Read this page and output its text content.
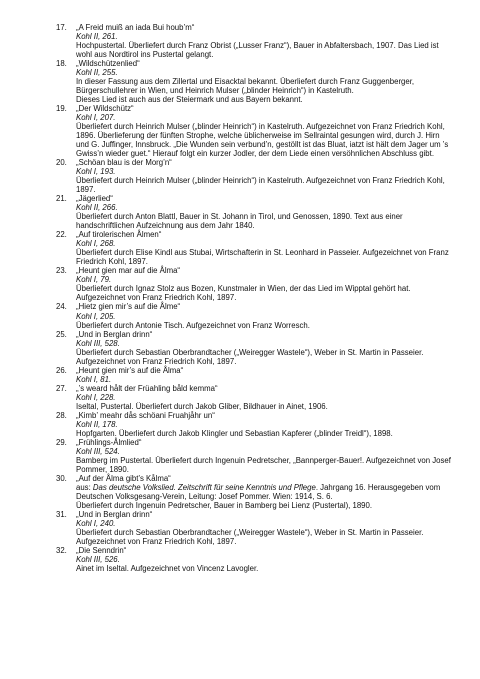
17.	„A Freid muiß an iada Bui houb’m“
Kohl II, 261.
Hochpustertal. Überliefert durch Franz Obrist („Lusser Franz“), Bauer in Abfaltersbach, 1907. Das Lied ist wohl aus Nordtirol ins Pustertal gelangt.
18.	„Wildschützenlied“
Kohl II, 255.
In dieser Fassung aus dem Zillertal und Eisacktal bekannt. Überliefert durch Franz Guggenberger, Bürgerschullehrer in Wien, und Heinrich Mulser („blinder Heinrich“) in Kastelruth.
Dieses Lied ist auch aus der Steiermark und aus Bayern bekannt.
19.	„Der Wildschütz“
Kohl I, 207.
Überliefert durch Heinrich Mulser („blinder Heinrich“) in Kastelruth. Aufgezeichnet von Franz Friedrich Kohl, 1896. Überlieferung der fünften Strophe, welche üblicherweise im Sellraintal gesungen wird, durch J. Hirn und G. Juffinger, Innsbruck. „Die Wunden sein verbund’n, gestöllt ist das Bluat, iatzt ist hält dem Jager um ’s Gwiss’n wieder guet.“ Hierauf folgt ein kurzer Jodler, der dem Liede einen versöhnlichen Abschluss gibt.
20.	„Schöan blau is der Morg’n“
Kohl I, 193.
Überliefert durch Heinrich Mulser („blinder Heinrich“) in Kastelruth. Aufgezeichnet von Franz Friedrich Kohl, 1897.
21.	„Jägerlied“
Kohl II, 266.
Überliefert durch Anton Blattl, Bauer in St. Johann in Tirol, und Genossen, 1890. Text aus einer handschriftlichen Aufzeichnung aus dem Jahr 1840.
22.	„Auf tirolerischen Ålmen“
Kohl I, 268.
Überliefert durch Elise Kindl aus Stubai, Wirtschafterin in St. Leonhard in Passeier. Aufgezeichnet von Franz Friedrich Kohl, 1897.
23.	„Heunt gien mar auf die Ålma“
Kohl I, 79.
Überliefert durch Ignaz Stolz aus Bozen, Kunstmaler in Wien, der das Lied im Wipptal gehört hat. Aufgezeichnet von Franz Friedrich Kohl, 1897.
24.	„Hietz gien mir’s auf die Ålme“
Kohl I, 205.
Überliefert durch Antonie Tisch. Aufgezeichnet von Franz Worresch.
25.	„Und in Berglan drinn“
Kohl III, 528.
Überliefert durch Sebastian Oberbrandtacher („Weiregger Wastele“), Weber in St. Martin in Passeier. Aufgezeichnet von Franz Friedrich Kohl, 1897.
26.	„Heunt gien mir’s auf die Ålma“
Kohl I, 81.
27.	„’s weard hålt der Früahling båld kemma“
Kohl I, 228.
Iseltal, Pustertal. Überliefert durch Jakob Gliber, Bildhauer in Ainet, 1906.
28.	„Kimb’ meahr dås schöani Fruahjåhr un“
Kohl II, 178.
Hopfgarten. Überliefert durch Jakob Klingler und Sebastian Kapferer („blinder Treidl“), 1898.
29.	„Frühlings-Ålmlied“
Kohl III, 524.
Bamberg im Pustertal. Überliefert durch Ingenuin Pedretscher, „Bannperger-Bauer!. Aufgezeichnet von Josef Pommer, 1890.
30.	„Auf der Ålma gibt’s Kålma“
aus: Das deutsche Volkslied. Zeitschrift für seine Kenntnis und Pflege. Jahrgang 16. Herausgegeben vom Deutschen Volksgesang-Verein, Leitung: Josef Pommer. Wien: 1914, S. 6.
Überliefert durch Ingenuin Pedretscher, Bauer in Bamberg bei Lienz (Pustertal), 1890.
31.	„Und in Berglan drinn“
Kohl I, 240.
Überliefert durch Sebastian Oberbrandtacher („Weiregger Wastele“), Weber in St. Martin in Passeier. Aufgezeichnet von Franz Friedrich Kohl, 1897.
32.	„Die Senndrin“
Kohl III, 526.
Ainet im Iseltal. Aufgezeichnet von Vincenz Lavogler.
